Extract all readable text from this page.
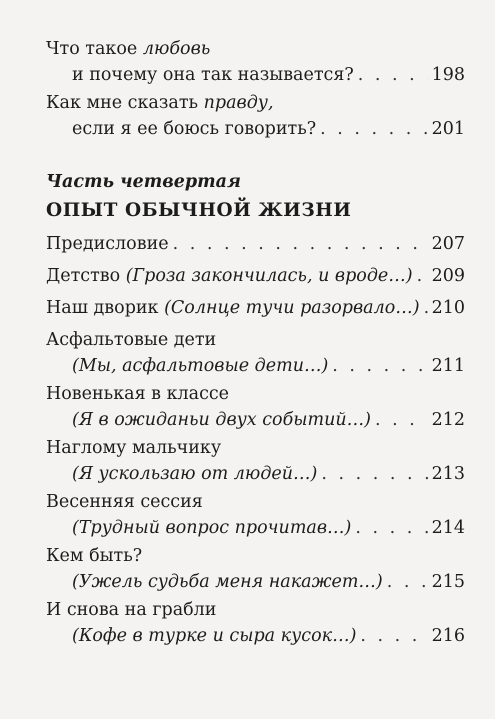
Что такое любовь
и почему она так называется? . . .	198
Как мне сказать правду,
если я ее боюсь говорить? . . .	201
Часть четвертая
ОПЫТ ОБЫЧНОЙ ЖИЗНИ
Предисловие . . .	207
Детство (Гроза закончилась, и вроде…) . . . 209
Наш дворик (Солнце тучи разорвало…) . . . 210
Асфальтовые дети
(Мы, асфальтовые дети…) . . .	211
Новенькая в классе
(Я в ожиданьи двух событий…) . . .	212
Наглому мальчику
(Я ускользаю от людей…) . . .	213
Весенняя сессия
(Трудный вопрос прочитав…) . . .	214
Кем быть?
(Ужель судьба меня накажет…) . . .	215
И снова на грабли
(Кофе в турке и сыра кусок…) . . .	216
